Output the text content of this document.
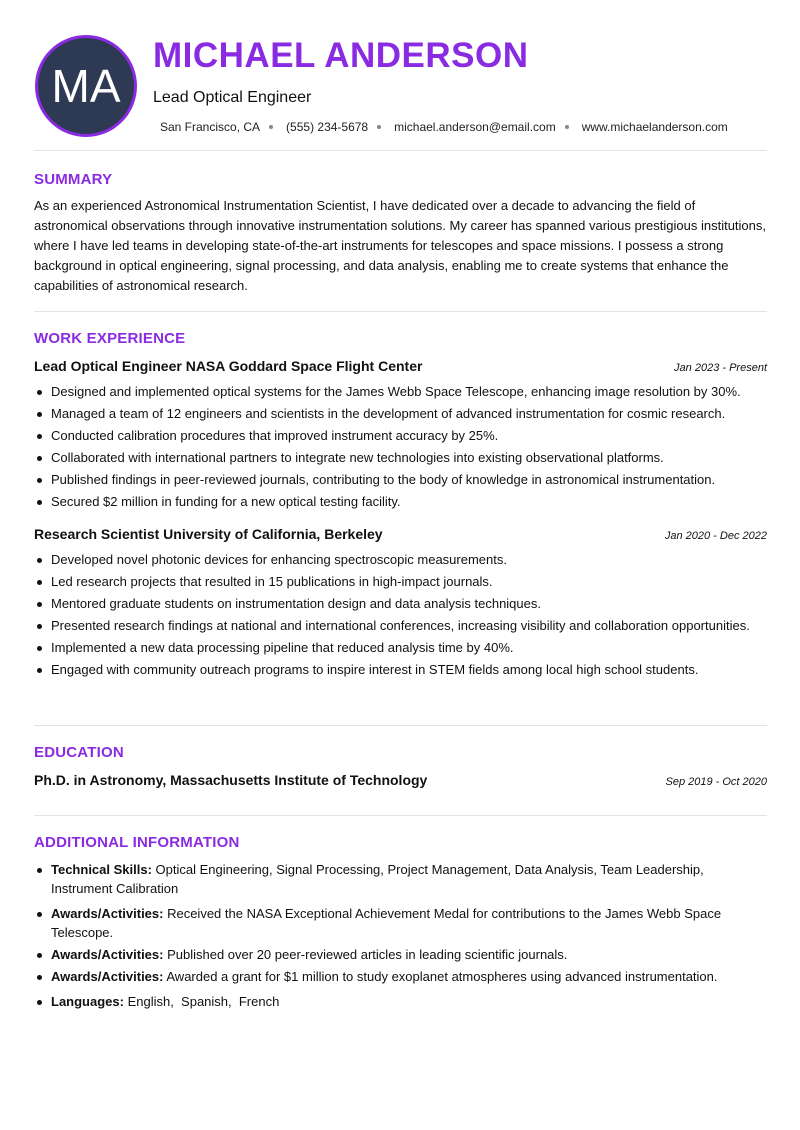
MA
MICHAEL ANDERSON
Lead Optical Engineer
San Francisco, CA (555) 234-5678 michael.anderson@email.com www.michaelanderson.com
SUMMARY
As an experienced Astronomical Instrumentation Scientist, I have dedicated over a decade to advancing the field of astronomical observations through innovative instrumentation solutions. My career has spanned various prestigious institutions, where I have led teams in developing state-of-the-art instruments for telescopes and space missions. I possess a strong background in optical engineering, signal processing, and data analysis, enabling me to create systems that enhance the capabilities of astronomical research.
WORK EXPERIENCE
Lead Optical Engineer NASA Goddard Space Flight Center	Jan 2023 - Present
Designed and implemented optical systems for the James Webb Space Telescope, enhancing image resolution by 30%.
Managed a team of 12 engineers and scientists in the development of advanced instrumentation for cosmic research.
Conducted calibration procedures that improved instrument accuracy by 25%.
Collaborated with international partners to integrate new technologies into existing observational platforms.
Published findings in peer-reviewed journals, contributing to the body of knowledge in astronomical instrumentation.
Secured $2 million in funding for a new optical testing facility.
Research Scientist University of California, Berkeley	Jan 2020 - Dec 2022
Developed novel photonic devices for enhancing spectroscopic measurements.
Led research projects that resulted in 15 publications in high-impact journals.
Mentored graduate students on instrumentation design and data analysis techniques.
Presented research findings at national and international conferences, increasing visibility and collaboration opportunities.
Implemented a new data processing pipeline that reduced analysis time by 40%.
Engaged with community outreach programs to inspire interest in STEM fields among local high school students.
EDUCATION
Ph.D. in Astronomy, Massachusetts Institute of Technology	Sep 2019 - Oct 2020
ADDITIONAL INFORMATION
Technical Skills: Optical Engineering, Signal Processing, Project Management, Data Analysis, Team Leadership, Instrument Calibration
Awards/Activities: Received the NASA Exceptional Achievement Medal for contributions to the James Webb Space Telescope.
Awards/Activities: Published over 20 peer-reviewed articles in leading scientific journals.
Awards/Activities: Awarded a grant for $1 million to study exoplanet atmospheres using advanced instrumentation.
Languages: English,  Spanish,  French
